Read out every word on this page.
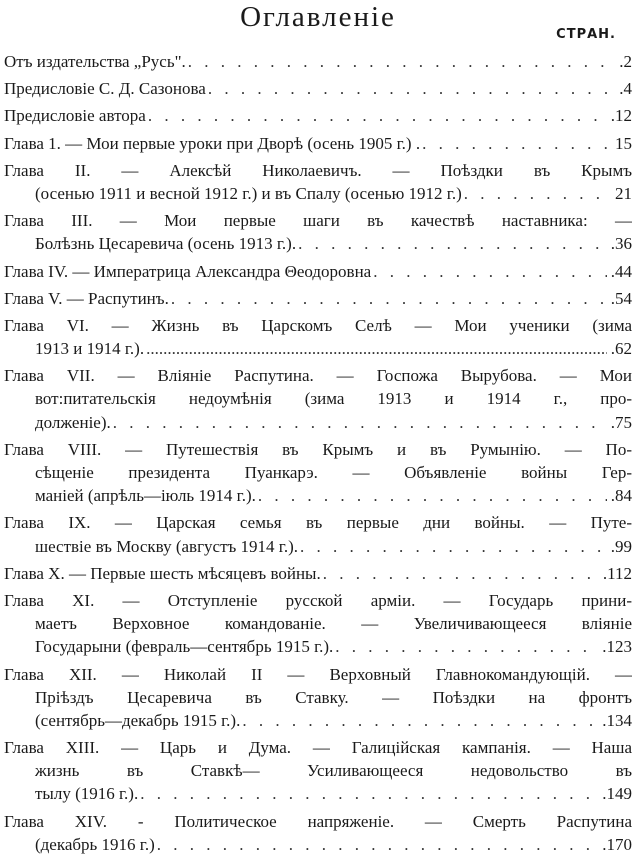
Оглавленіе
СТРАН.
Отъ издательства „Русь". . . .	.2
Предисловіе С. Д. Сазонова . . .	.4
Предисловіе автора . . .	.12
Глава 1. — Мои первые уроки при Дворѣ (осень 1905 г.) . . . .	15
Глава II. — Алексѣй Николаевичъ. — Поѣздки въ Крымъ
(осенью 1911 и весной 1912 г.) и въ Спалу (осенью 1912 г.) . . .	21
Глава III. — Мои первые шаги въ качествѣ наставника: —
Болѣзнь Цесаревича (осень 1913 г.). . . .	.36
Глава IV. — Императрица Александра Θеодоровна . . .	.44
Глава V. — Распутинъ. . . .	.54
Глава VI. — Жизнь въ Царскомъ Селѣ — Мои ученики (зима
1913 и 1914 г.). .....	.62
Глава VII. — Вліяніе Распутина. — Госпожа Вырубова. — Мои
вот:питательскія недоумѣнія (зима 1913 и 1914 г., про-
долженіе). . . .	.75
Глава VIII. — Путешествія въ Крымъ и въ Румынію. — По-
сѣщеніе президента Пуанкарэ. — Объявленіе войны Гер-
маніей (апрѣль—іюль 1914 г.). . . .	.84
Глава IX. — Царская семья въ первые дни войны. — Путе-
шествіе въ Москву (августъ 1914 г.). . . .	.99
Глава X. — Первые шесть мѣсяцевъ войны. . . .	.112
Глава XI. — Отступленіе русской арміи. — Государь прини-
маетъ Верховное командованіе. — Увеличивающееся вліяніе
Государыни (февраль—сентябрь 1915 г.). . . .	.123
Глава XII. — Николай II — Верховный Главнокомандующій. —
Пріѣздъ Цесаревича въ Ставку. — Поѣздки на фронтъ
(сентябрь—декабрь 1915 г.). . . .	.134
Глава XIII. — Царь и Дума. — Галиційская кампанія. — Наша
жизнь въ Ставкѣ— Усиливающееся недовольство въ
тылу (1916 г.). . . .	.149
Глава XIV. - Политическое напряженіе. — Смерть Распутина
(декабрь 1916 г.) . . .	.170
